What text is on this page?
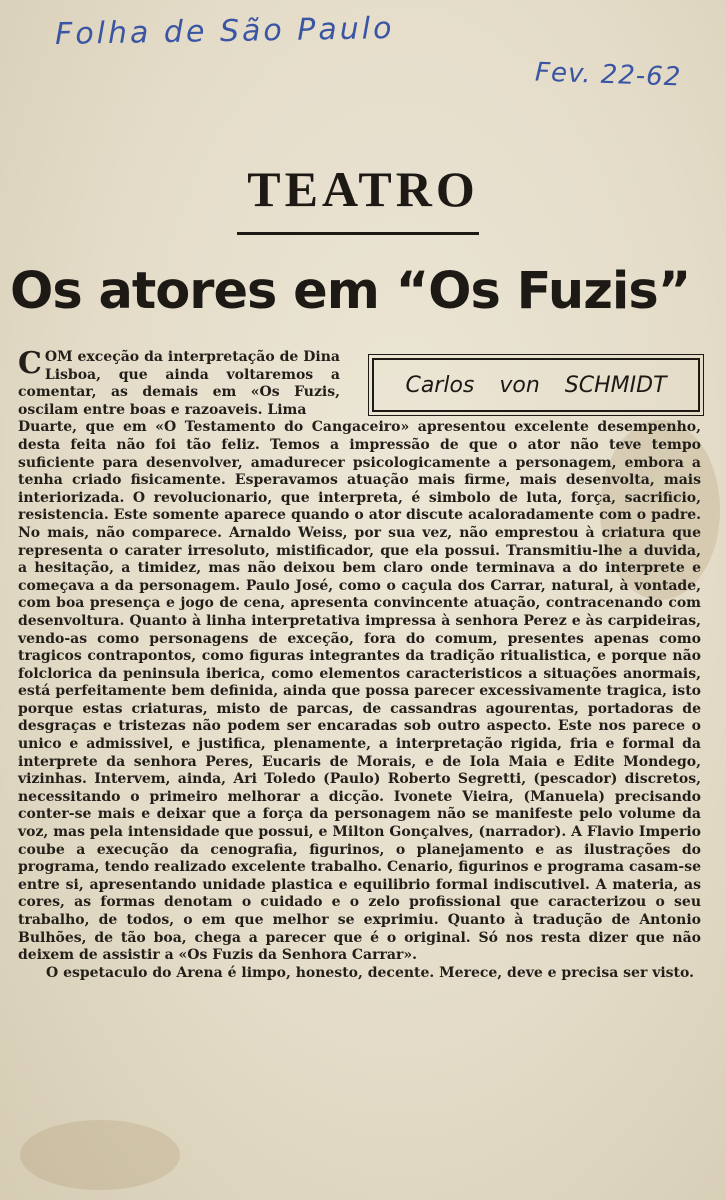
Folha de São Paulo
Fev. 22-62
TEATRO
Os atores em “Os Fuzis”
Carlos von SCHMIDT
COM exceção da interpretação de Dina Lisboa, que ainda voltaremos a comentar, as demais em «Os Fuzis, oscilam entre boas e razoaveis. Lima
Duarte, que em «O Testamento do Cangaceiro» apresentou excelente desempenho, desta feita não foi tão feliz. Temos a impressão de que o ator não teve tempo suficiente para desenvolver, amadurecer psicologicamente a personagem, embora a tenha criado fisicamente. Esperavamos atuação mais firme, mais desenvolta, mais interiorizada. O revolucionario, que interpreta, é simbolo de luta, força, sacrificio, resistencia. Este somente aparece quando o ator discute acaloradamente com o padre. No mais, não comparece. Arnaldo Weiss, por sua vez, não emprestou à criatura que representa o carater irresoluto, mistificador, que ela possui. Transmitiu-lhe a duvida, a hesitação, a timidez, mas não deixou bem claro onde terminava a do interprete e começava a da personagem. Paulo José, como o caçula dos Carrar, natural, à vontade, com boa presença e jogo de cena, apresenta convincente atuação, contracenando com desenvoltura. Quanto à linha interpretativa impressa à senhora Perez e às carpideiras, vendo-as como personagens de exceção, fora do comum, presentes apenas como tragicos contrapontos, como figuras integrantes da tradição ritualistica, e porque não folclorica da peninsula iberica, como elementos caracteristicos a situações anormais, está perfeitamente bem definida, ainda que possa parecer excessivamente tragica, isto porque estas criaturas, misto de parcas, de cassandras agourentas, portadoras de desgraças e tristezas não podem ser encaradas sob outro aspecto. Este nos parece o unico e admissivel, e justifica, plenamente, a interpretação rigida, fria e formal da interprete da senhora Peres, Eucaris de Morais, e de Iola Maia e Edite Mondego, vizinhas. Intervem, ainda, Ari Toledo (Paulo) Roberto Segretti, (pescador) discretos, necessitando o primeiro melhorar a dicção. Ivonete Vieira, (Manuela) precisando conter-se mais e deixar que a força da personagem não se manifeste pelo volume da voz, mas pela intensidade que possui, e Milton Gonçalves, (narrador). A Flavio Imperio coube a execução da cenografia, figurinos, o planejamento e as ilustrações do programa, tendo realizado excelente trabalho. Cenario, figurinos e programa casam-se entre si, apresentando unidade plastica e equilibrio formal indiscutivel. A materia, as cores, as formas denotam o cuidado e o zelo profissional que caracterizou o seu trabalho, de todos, o em que melhor se exprimiu. Quanto à tradução de Antonio Bulhões, de tão boa, chega a parecer que é o original. Só nos resta dizer que não deixem de assistir a «Os Fuzis da Senhora Carrar».
O espetaculo do Arena é limpo, honesto, decente. Merece, deve e precisa ser visto.
